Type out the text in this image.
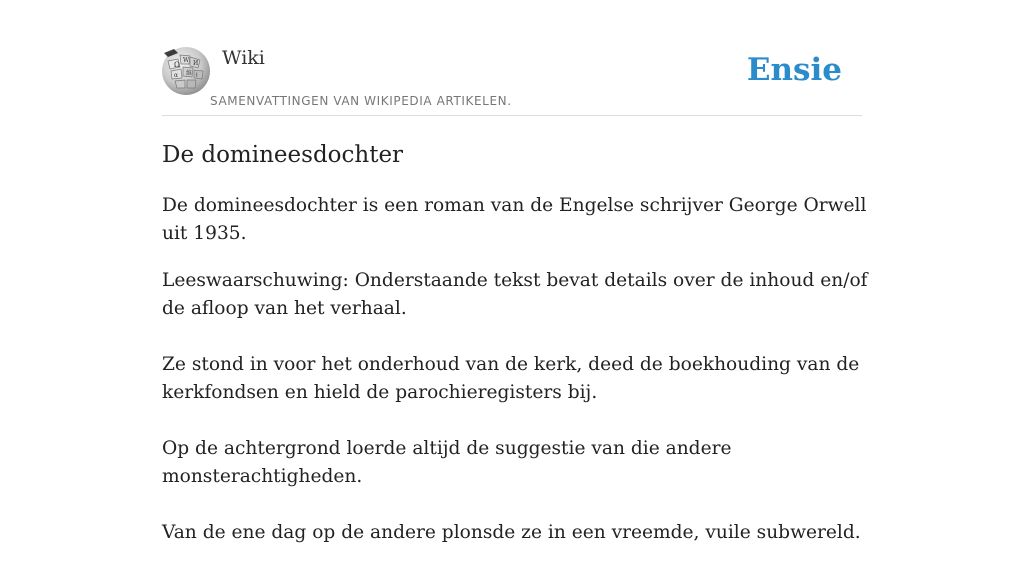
Ω
W И
α 維 ا
Wiki
SAMENVATTINGEN VAN WIKIPEDIA ARTIKELEN.
Ensie
De domineesdochter

De domineesdochter is een roman van de Engelse schrijver George Orwell uit 1935.

Leeswaarschuwing: Onderstaande tekst bevat details over de inhoud en/of de afloop van het verhaal.

Ze stond in voor het onderhoud van de kerk, deed de boekhouding van de kerkfondsen en hield de parochieregisters bij.

Op de achtergrond loerde altijd de suggestie van die andere monsterachtigheden.

Van de ene dag op de andere plonsde ze in een vreemde, vuile subwereld.
